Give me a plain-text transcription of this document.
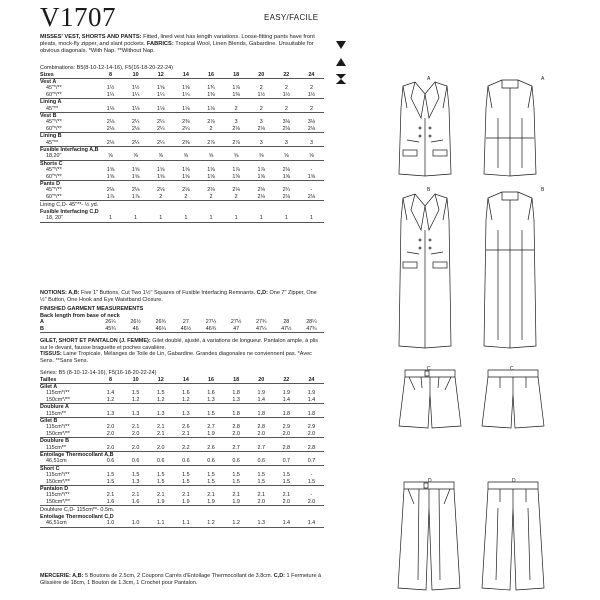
V1707	EASY/FACILE
MISSES' VEST, SHORTS AND PANTS: Fitted, lined vest has length variations. Loose-fitting pants have front pleats, mock-fly zipper, and slant pockets. FABRICS: Tropical Wool, Linen Blends, Gabardine. Unsuitable for obvious diagonals. *With Nap. **Without Nap.
Combinations: B5(8-10-12-14-16), F5(16-18-20-22-24)
Sizes	8	10	12	14	16	18	20	22	24
Vest A									
45"*/**	1½	1½	1⅝	1⅝	1¾	1⅞	2	2	2
60"*/**	1¼	1¼	1¼	1¼	1⅜	1⅜	1½	1½	1½
Lining A									
45"**	1⅛	1⅛	1⅛	1⅛	1⅛	2	2	2	2
Vest B									
45"*/**	2⅛	2¼	2¼	2⅜	2⅞	3	3	3⅛	3⅛
60"*/**	2⅛	2⅛	2¼	2¼	2	2⅛	2⅛	2⅛	2⅛
Lining B									
45"**	2⅛	2¼	2¼	2⅜	2⅞	2⅞	3	3	3
Fusible Interfacing A,B									
18,20"	⅝	⅝	⅝	⅝	⅝	⅝	⅝	⅝	⅝
Shorts C									
45"*/**	1⅝	1⅝	1⅝	1⅝	1⅝	1⅞	1⅞	2⅛	-
60"*/**	1⅝	1⅝	1⅝	1⅝	1⅝	1⅝	1⅝	1⅝	1⅝
Pants D									
45"*/**	2⅛	2⅛	2⅛	2⅛	2⅛	2⅛	2⅛	2¼	-
60"*/**	1⅞	1⅞	2	2	2	2	2⅛	2⅛	2⅛
Lining C,D- 45"**- ½ yd.
Fusible Interfacing C,D
18, 20"	1	1	1	1	1	1	1	1	1
NOTIONS: A,B: Five 1" Buttons, Cut Two 1½" Squares of Fusible Interfacing Remnants. C,D: One 7" Zipper, One ½" Button, One Hook and Eye Waistband Closure.
FINISHED GARMENT MEASUREMENTS
Back length from base of neck
A	26¼	26½	26¾	27	27¼	27½	27¾	28	28¼
B	45¾	46	46¼	46½	46¾	47	47¼	47½	47¾
GILET, SHORT ET PANTALON (J. FEMME): Gilet doublé, ajusté, à variations de longueur. Pantalon ample, à plis sur le devant, fausse braguette et poches cavalière.
TISSUS: Laine Tropicale, Mélanges de Toile de Lin, Gabardine. Grandes diagonales ne conviennent pas. *Avec Sens. **Sans Sens.
Séries: B5 (8-10-12-14-16), F5(16-18-20-22-24)
Tailles	8	10	12	14	16	18	20	22	24
Gilet A									
115cm*/**	1.4	1.5	1.5	1.6	1.6	1.8	1.9	1.9	1.9
150cm*/**	1.2	1.2	1.2	1.2	1.3	1.3	1.4	1.4	1.4
Doublure A									
115cm**	1.3	1.3	1.3	1.3	1.5	1.8	1.8	1.8	1.8
Gilet B									
115cm*/**	2.0	2.1	2.1	2.6	2.7	2.8	2.8	2.9	2.9
150cm*/**	2.0	2.0	2.1	2.1	1.9	2.0	2.0	2.0	2.0
Doublure B									
115cm**	2.0	2.0	2.0	2.2	2.6	2.7	2.7	2.8	2.8
Entoilage Thermocollant A,B									
46,51cm	0.6	0.6	0.6	0.6	0.6	0.6	0.6	0.7	0.7
Short C									
115cm*/**	1.5	1.5	1.5	1.5	1.5	1.5	1.5	1.5	-
150cm*/**	1.5	1.3	1.5	1.5	1.5	1.5	1.5	1.5	1.5
Pantalon D									
115cm*/**	2.1	2.1	2.1	2.1	2.1	2.1	2.1	2.1	-
150cm*/**	1.6	1.6	1.9	1.9	1.9	1.9	2.0	2.0	2.0
Doublure C,D- 115cm**- 0.5m.
Entoilage Thermocollant C,D
46,51cm	1.0	1.0	1.1	1.1	1.2	1.2	1.3	1.4	1.4
MERCERIE: A,B: 5 Boutons de 2.5cm, 2 Coupons Carrés d'Entoilage Thermocollant de 3.8cm. C,D: 1 Fermeture à Glissière de 18cm, 1 Bouton de 1.3cm, 1 Crochet pour Pantalon.
A	A
B	B
C	C
D	D
